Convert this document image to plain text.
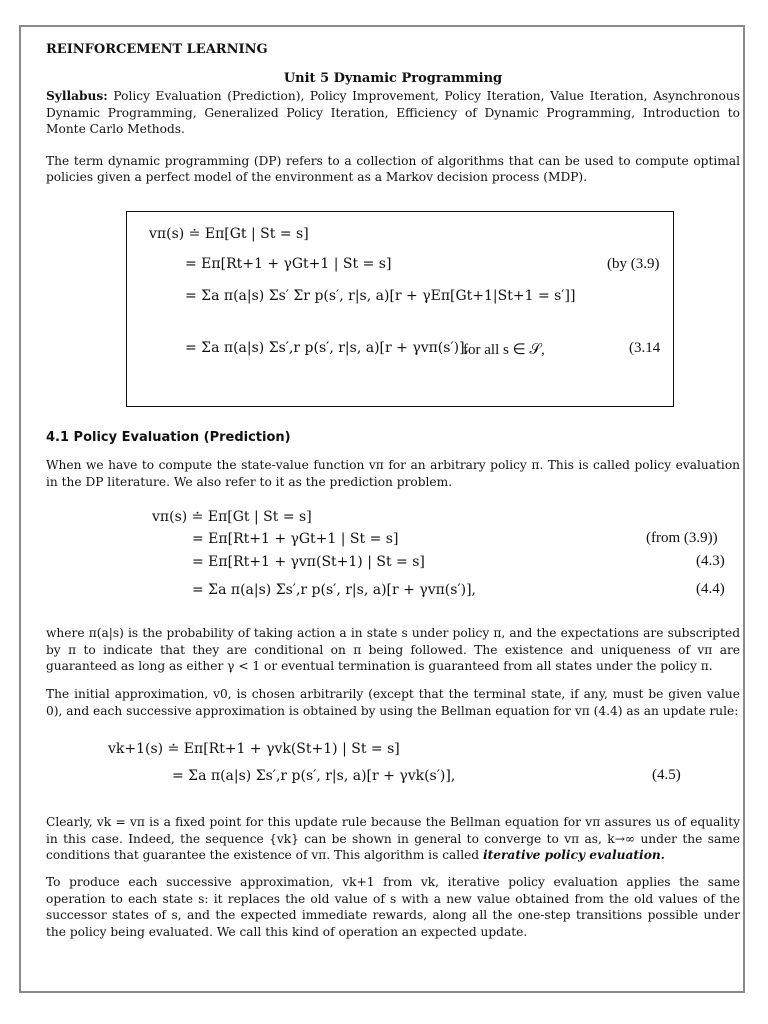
REINFORCEMENT LEARNING
Unit 5 Dynamic Programming

Syllabus: Policy Evaluation (Prediction), Policy Improvement, Policy Iteration, Value Iteration, Asynchronous Dynamic Programming, Generalized Policy Iteration, Efficiency of Dynamic Programming, Introduction to Monte Carlo Methods.

The term dynamic programming (DP) refers to a collection of algorithms that can be used to compute optimal policies given a perfect model of the environment as a Markov decision process (MDP).

vπ(s) ≐ Eπ[Gt | St = s]
= Eπ[Rt+1 + γGt+1 | St = s]	(by (3.9)
= Σa π(a|s) Σs′ Σr p(s′, r|s, a)[r + γEπ[Gt+1|St+1 = s′]]
= Σa π(a|s) Σs′,r p(s′, r|s, a)[r + γvπ(s′)],
for all s ∈ 𝒮,	(3.14
4.1 Policy Evaluation (Prediction)

When we have to compute the state-value function vπ for an arbitrary policy π. This is called policy evaluation in the DP literature. We also refer to it as the prediction problem.

vπ(s) ≐ Eπ[Gt | St = s]
= Eπ[Rt+1 + γGt+1 | St = s]	(from (3.9))
= Eπ[Rt+1 + γvπ(St+1) | St = s]	(4.3)
= Σa π(a|s) Σs′,r p(s′, r|s, a)[r + γvπ(s′)],	(4.4)

where π(a|s) is the probability of taking action a in state s under policy π, and the expectations are subscripted by π to indicate that they are conditional on π being followed. The existence and uniqueness of vπ are guaranteed as long as either γ < 1 or eventual termination is guaranteed from all states under the policy π.

The initial approximation, v0, is chosen arbitrarily (except that the terminal state, if any, must be given value 0), and each successive approximation is obtained by using the Bellman equation for vπ (4.4) as an update rule:

vk+1(s) ≐ Eπ[Rt+1 + γvk(St+1) | St = s]
= Σa π(a|s) Σs′,r p(s′, r|s, a)[r + γvk(s′)],	(4.5)

Clearly, vk = vπ is a fixed point for this update rule because the Bellman equation for vπ assures us of equality in this case. Indeed, the sequence {vk} can be shown in general to converge to vπ as, k→∞ under the same conditions that guarantee the existence of vπ. This algorithm is called iterative policy evaluation.

To produce each successive approximation, vk+1 from vk, iterative policy evaluation applies the same operation to each state s: it replaces the old value of s with a new value obtained from the old values of the successor states of s, and the expected immediate rewards, along all the one-step transitions possible under the policy being evaluated. We call this kind of operation an expected update.
